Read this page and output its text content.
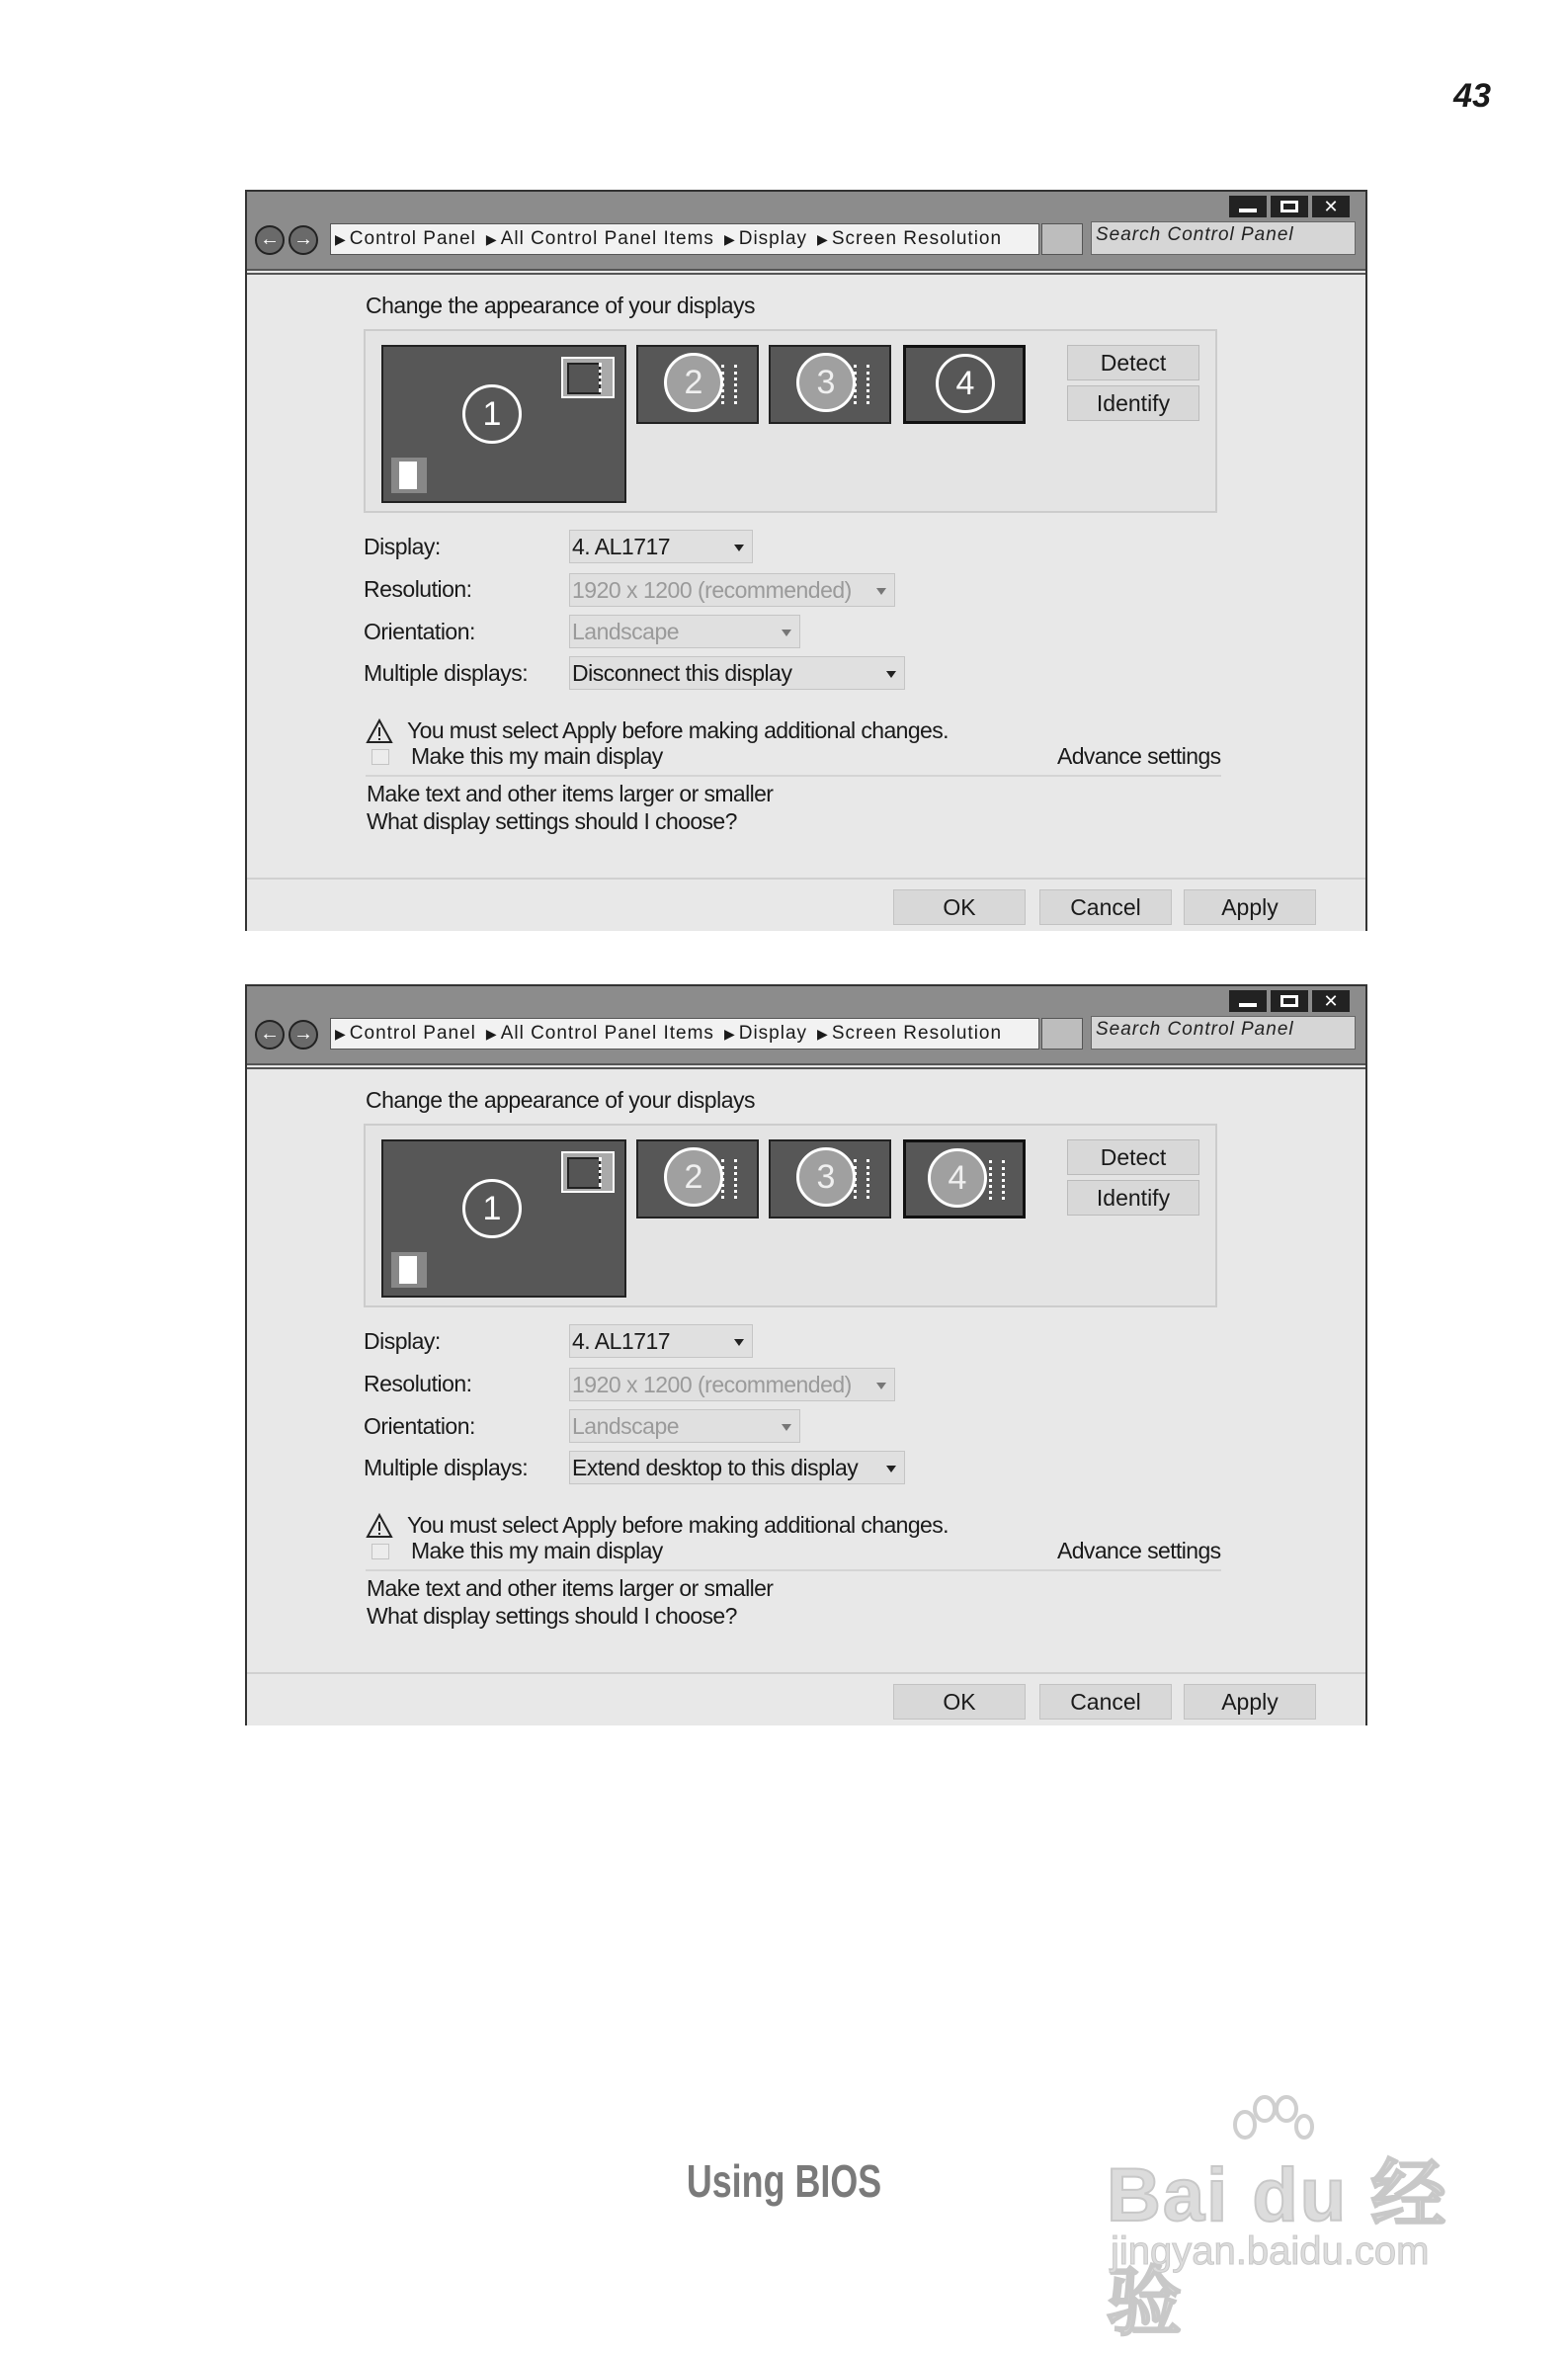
43
✕
← →	▶ Control Panel ▶ All Control Panel Items ▶ Display ▶ Screen Resolution	Search Control Panel
Change the appearance of your displays
1
2	3	4
Detect
Identify
Display:	4. AL1717
Resolution:	1920 x 1200 (recommended)
Orientation:	Landscape
Multiple displays: Disconnect this display
You must select Apply before making additional changes.
Make this my main display	Advance settings
Make text and other items larger or smaller
What display settings should I choose?
OK	Cancel	Apply
✕
← →	▶ Control Panel ▶ All Control Panel Items ▶ Display ▶ Screen Resolution	Search Control Panel
Change the appearance of your displays
1
2	3	4
Detect
Identify
Display:	4. AL1717
Resolution:	1920 x 1200 (recommended)
Orientation:	Landscape
Multiple displays: Extend desktop to this display
You must select Apply before making additional changes.
Make this my main display	Advance settings
Make text and other items larger or smaller
What display settings should I choose?
OK	Cancel	Apply
Using BIOS	Bai du 经验
jingyan.baidu.com
